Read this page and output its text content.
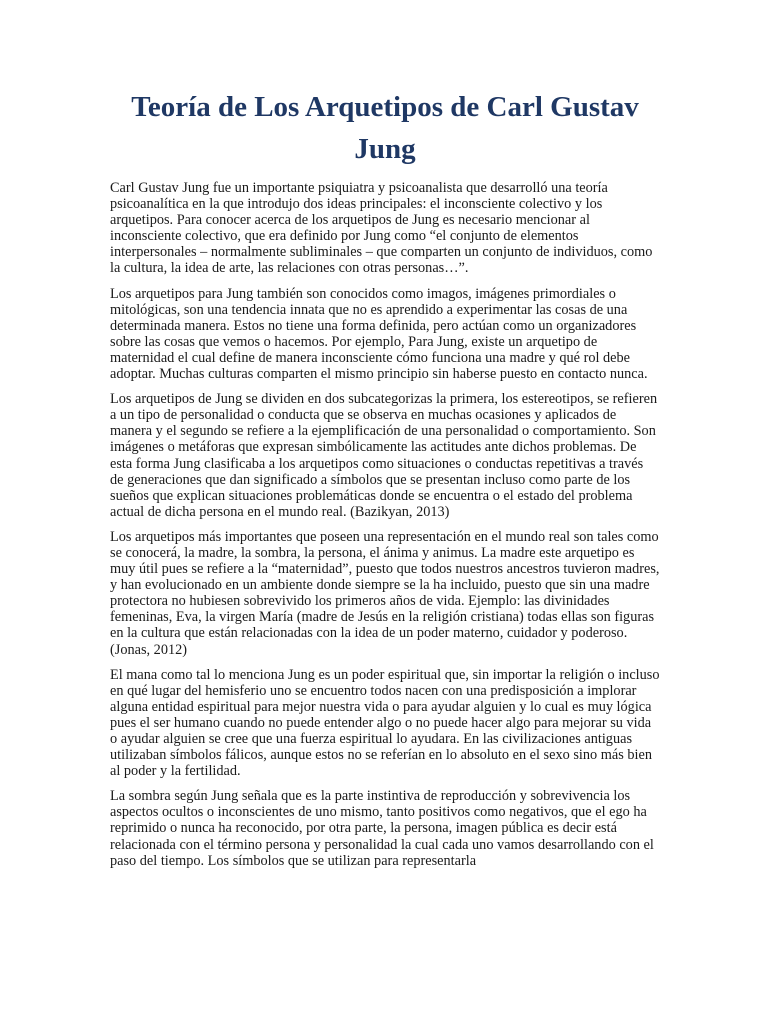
Teoría de Los Arquetipos de Carl Gustav Jung

Carl Gustav Jung fue un importante psiquiatra y psicoanalista que desarrolló una teoría psicoanalítica en la que introdujo dos ideas principales: el inconsciente colectivo y los arquetipos. Para conocer acerca de los arquetipos de Jung es necesario mencionar al inconsciente colectivo, que era definido por Jung como “el conjunto de elementos interpersonales – normalmente subliminales – que comparten un conjunto de individuos, como la cultura, la idea de arte, las relaciones con otras personas…”.

Los arquetipos para Jung también son conocidos como imagos, imágenes primordiales o mitológicas, son una tendencia innata que no es aprendido a experimentar las cosas de una determinada manera. Estos no tiene una forma definida, pero actúan como un organizadores sobre las cosas que vemos o hacemos. Por ejemplo, Para Jung, existe un arquetipo de maternidad el cual define de manera inconsciente cómo funciona una madre y qué rol debe adoptar. Muchas culturas comparten el mismo principio sin haberse puesto en contacto nunca.

Los arquetipos de Jung se dividen en dos subcategorizas la primera, los estereotipos, se refieren a un tipo de personalidad o conducta que se observa en muchas ocasiones y aplicados de manera y el segundo se refiere a la ejemplificación de una personalidad o comportamiento. Son imágenes o metáforas que expresan simbólicamente las actitudes ante dichos problemas. De esta forma Jung clasificaba a los arquetipos como situaciones o conductas repetitivas a través de generaciones que dan significado a símbolos que se presentan incluso como parte de los sueños que explican situaciones problemáticas donde se encuentra o el estado del problema actual de dicha persona en el mundo real. (Bazikyan, 2013)

Los arquetipos más importantes que poseen una representación en el mundo real son tales como se conocerá, la madre, la sombra, la persona, el ánima y animus. La madre este arquetipo es muy útil pues se refiere a la “maternidad”, puesto que todos nuestros ancestros tuvieron madres, y han evolucionado en un ambiente donde siempre se la ha incluido, puesto que sin una madre protectora no hubiesen sobrevivido los primeros años de vida. Ejemplo: las divinidades femeninas, Eva, la virgen María (madre de Jesús en la religión cristiana) todas ellas son figuras en la cultura que están relacionadas con la idea de un poder materno, cuidador y poderoso.(Jonas, 2012)

El mana como tal lo menciona Jung es un poder espiritual que, sin importar la religión o incluso en qué lugar del hemisferio uno se encuentro todos nacen con una predisposición a implorar alguna entidad espiritual para mejor nuestra vida o para ayudar alguien y lo cual es muy lógica pues el ser humano cuando no puede entender algo o no puede hacer algo para mejorar su vida o ayudar alguien se cree que una fuerza espiritual lo ayudara. En las civilizaciones antiguas utilizaban símbolos fálicos, aunque estos no se referían en lo absoluto en el sexo sino más bien al poder y la fertilidad.

La sombra según Jung señala que es la parte instintiva de reproducción y sobrevivencia los aspectos ocultos o inconscientes de uno mismo, tanto positivos como negativos, que el ego ha reprimido o nunca ha reconocido, por otra parte, la persona, imagen pública es decir está relacionada con el término persona y personalidad la cual cada uno vamos desarrollando con el paso del tiempo. Los símbolos que se utilizan para representarla
